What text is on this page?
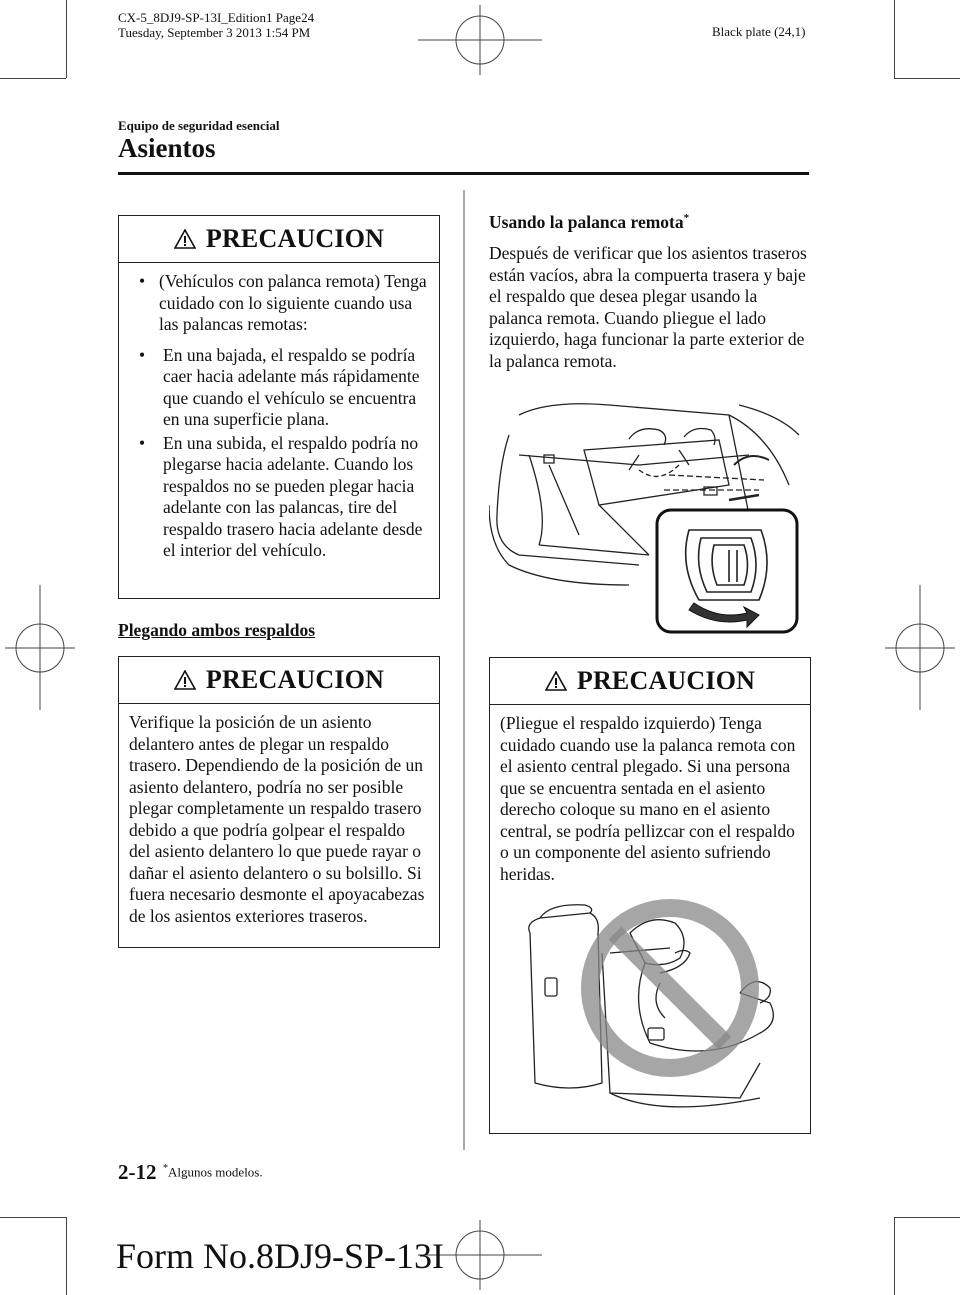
CX-5_8DJ9-SP-13I_Edition1 Page24
Tuesday, September 3 2013 1:54 PM	Black plate (24,1)
Equipo de seguridad esencial
Asientos
PRECAUCION
• (Vehículos con palanca remota) Tenga cuidado con lo siguiente cuando usa las palancas remotas:
• En una bajada, el respaldo se podría caer hacia adelante más rápidamente que cuando el vehículo se encuentra en una superficie plana.
• En una subida, el respaldo podría no plegarse hacia adelante. Cuando los respaldos no se pueden plegar hacia adelante con las palancas, tire del respaldo trasero hacia adelante desde el interior del vehículo.
Plegando ambos respaldos
PRECAUCION
Verifique la posición de un asiento delantero antes de plegar un respaldo trasero. Dependiendo de la posición de un asiento delantero, podría no ser posible plegar completamente un respaldo trasero debido a que podría golpear el respaldo del asiento delantero lo que puede rayar o dañar el asiento delantero o su bolsillo. Si fuera necesario desmonte el apoyacabezas de los asientos exteriores traseros.
Usando la palanca remota*
Después de verificar que los asientos traseros están vacíos, abra la compuerta trasera y baje el respaldo que desea plegar usando la palanca remota. Cuando pliegue el lado izquierdo, haga funcionar la parte exterior de la palanca remota.
PRECAUCION
(Pliegue el respaldo izquierdo) Tenga cuidado cuando use la palanca remota con el asiento central plegado. Si una persona que se encuentra sentada en el asiento derecho coloque su mano en el asiento central, se podría pellizcar con el respaldo o un componente del asiento sufriendo heridas.
2-12 *Algunos modelos.
Form No.8DJ9-SP-13I
